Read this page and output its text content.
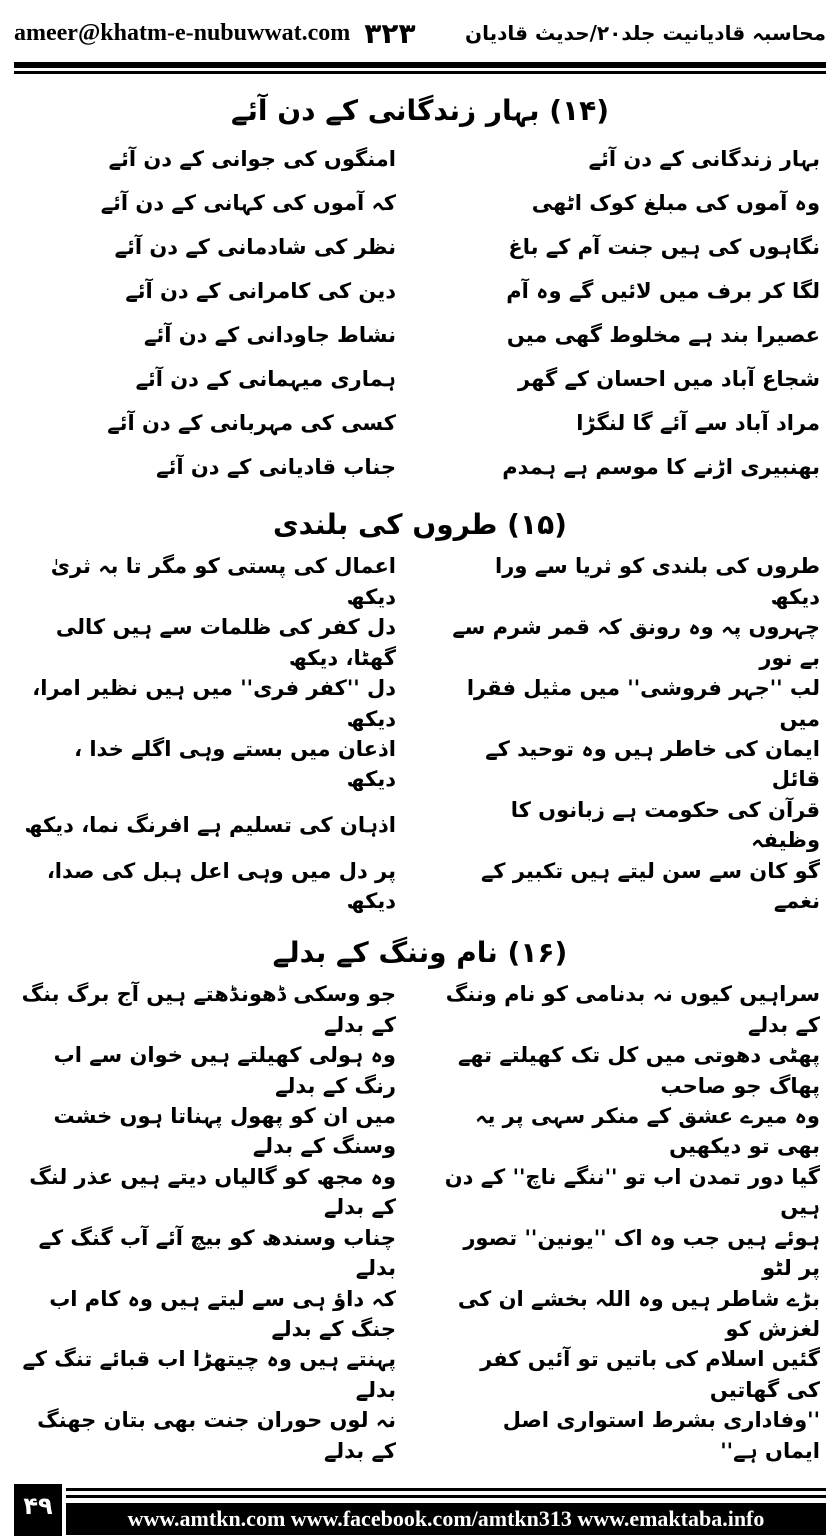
ameer@khatm-e-nubuwwat.com ۳۲۳ محاسبہ قادیانیت جلد۲۰/حدیث قادیان
(۱۴) بہار زندگانی کے دن آئے
بہار زندگانی کے دن آئے
امنگوں کی جوانی کے دن آئے
وہ آموں کی مبلغ کوک اٹھی
کہ آموں کی کہانی کے دن آئے
نگاہوں کی ہیں جنت آم کے باغ
نظر کی شادمانی کے دن آئے
لگا کر برف میں لائیں گے وہ آم
دین کی کامرانی کے دن آئے
عصیرا بند ہے مخلوط گھی میں
نشاط جاودانی کے دن آئے
شجاع آباد میں احسان کے گھر
ہماری میہمانی کے دن آئے
مراد آباد سے آئے گا لنگڑا
کسی کی مہربانی کے دن آئے
بھنبیری اڑنے کا موسم ہے ہمدم
جناب قادیانی کے دن آئے
(۱۵) طروں کی بلندی
طروں کی بلندی کو ثریا سے ورا دیکھ
اعمال کی پستی کو مگر تا بہ ثریٰ دیکھ
چہروں پہ وہ رونق کہ قمر شرم سے بے نور
دل کفر کی ظلمات سے ہیں کالی گھٹا، دیکھ
لب ''جہر فروشی'' میں مثیل فقرا میں
دل ''کفر فری'' میں ہیں نظیر امرا، دیکھ
ایمان کی خاطر ہیں وہ توحید کے قائل
اذعان میں بستے وہی اگلے خدا ، دیکھ
قرآن کی حکومت ہے زبانوں کا وظیفہ
اذہان کی تسلیم ہے افرنگ نما، دیکھ
گو کان سے سن لیتے ہیں تکبیر کے نغمے
پر دل میں وہی اعل ہبل کی صدا، دیکھ
(۱۶) نام وننگ کے بدلے
سراہیں کیوں نہ بدنامی کو نام وننگ کے بدلے
جو وسکی ڈھونڈھتے ہیں آج برگ بنگ کے بدلے
پھٹی دھوتی میں کل تک کھیلتے تھے پھاگ جو صاحب
وہ ہولی کھیلتے ہیں خوان سے اب رنگ کے بدلے
وہ میرے عشق کے منکر سہی پر یہ بھی تو دیکھیں
میں ان کو پھول پہناتا ہوں خشت وسنگ کے بدلے
گیا دور تمدن اب تو ''ننگے ناچ'' کے دن ہیں
وہ مجھ کو گالیاں دیتے ہیں عذر لنگ کے بدلے
ہوئے ہیں جب وہ اک ''یونین'' تصور پر لٹو
چناب وسندھ کو بیچ آئے آب گنگ کے بدلے
بڑے شاطر ہیں وہ اللہ بخشے ان کی لغزش کو
کہ داؤ ہی سے لیتے ہیں وہ کام اب جنگ کے بدلے
گئیں اسلام کی باتیں تو آئیں کفر کی گھاتیں
پہنتے ہیں وہ چیتھڑا اب قبائے تنگ کے بدلے
''وفاداری بشرط استواری اصل ایماں ہے''
نہ لوں حوران جنت بھی بتان جھنگ کے بدلے
۴۹	www.amtkn.com www.facebook.com/amtkn313 www.emaktaba.info
